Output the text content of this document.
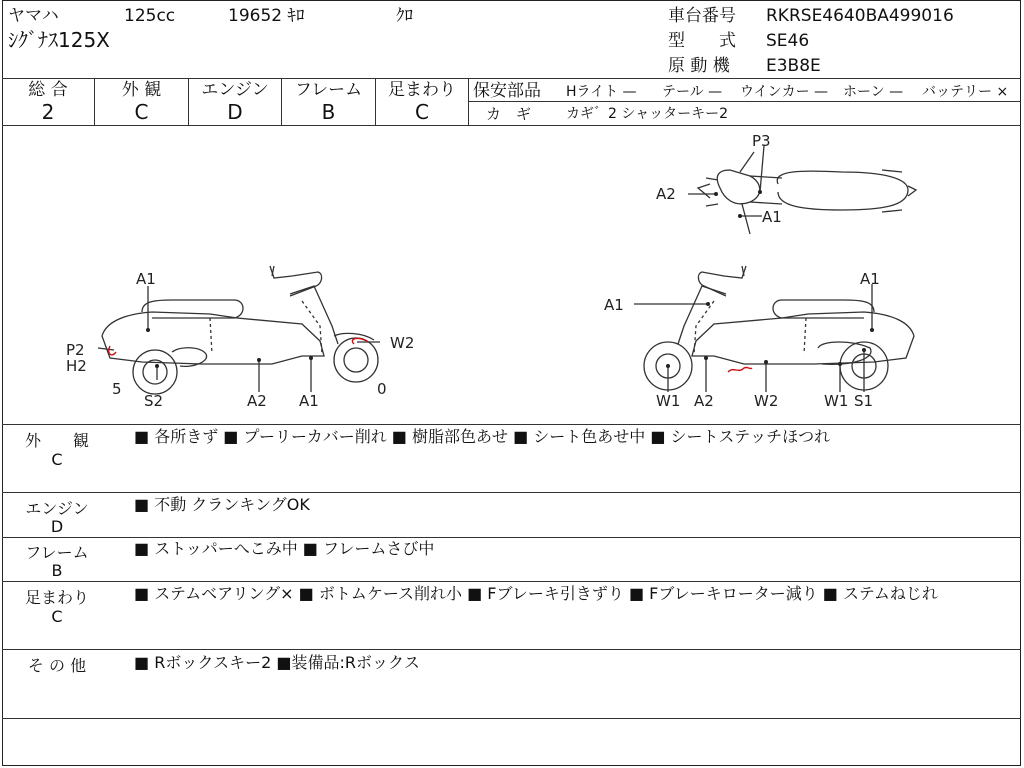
ヤマハ	125cc	19652 ｷﾛ	ｸﾛ
ｼｸﾞﾅｽ125X
車台番号 RKRSE4640BA499016
型　　式 SE46
原 動 機 E3B8E
総 合
2
外 観
C
エンジン
D
フレーム
B
足まわり
C
保安部品 Hライト — テール — ウインカー — ホーン — バッテリー ×
カ　ギ カギ゛2 シャッターキー2
A1
P2
H2
5
S2	A2 A1
0
W2
P3
A2
A1
A1
A1
W1 A2	W2	W1 S1
外　　観
C
■ 各所きず ■ プーリーカバー削れ ■ 樹脂部色あせ ■ シート色あせ中 ■ シートステッチほつれ
エンジン
D
■ 不動 クランキングOK
フレーム
B
■ ストッパーへこみ中 ■ フレームさび中
足まわり
C
■ ステムベアリング× ■ ボトムケース削れ小 ■ Fブレーキ引きずり ■ Fブレーキローター減り ■ ステムねじれ
そ の 他	■ Rボックスキー2 ■装備品:Rボックス
